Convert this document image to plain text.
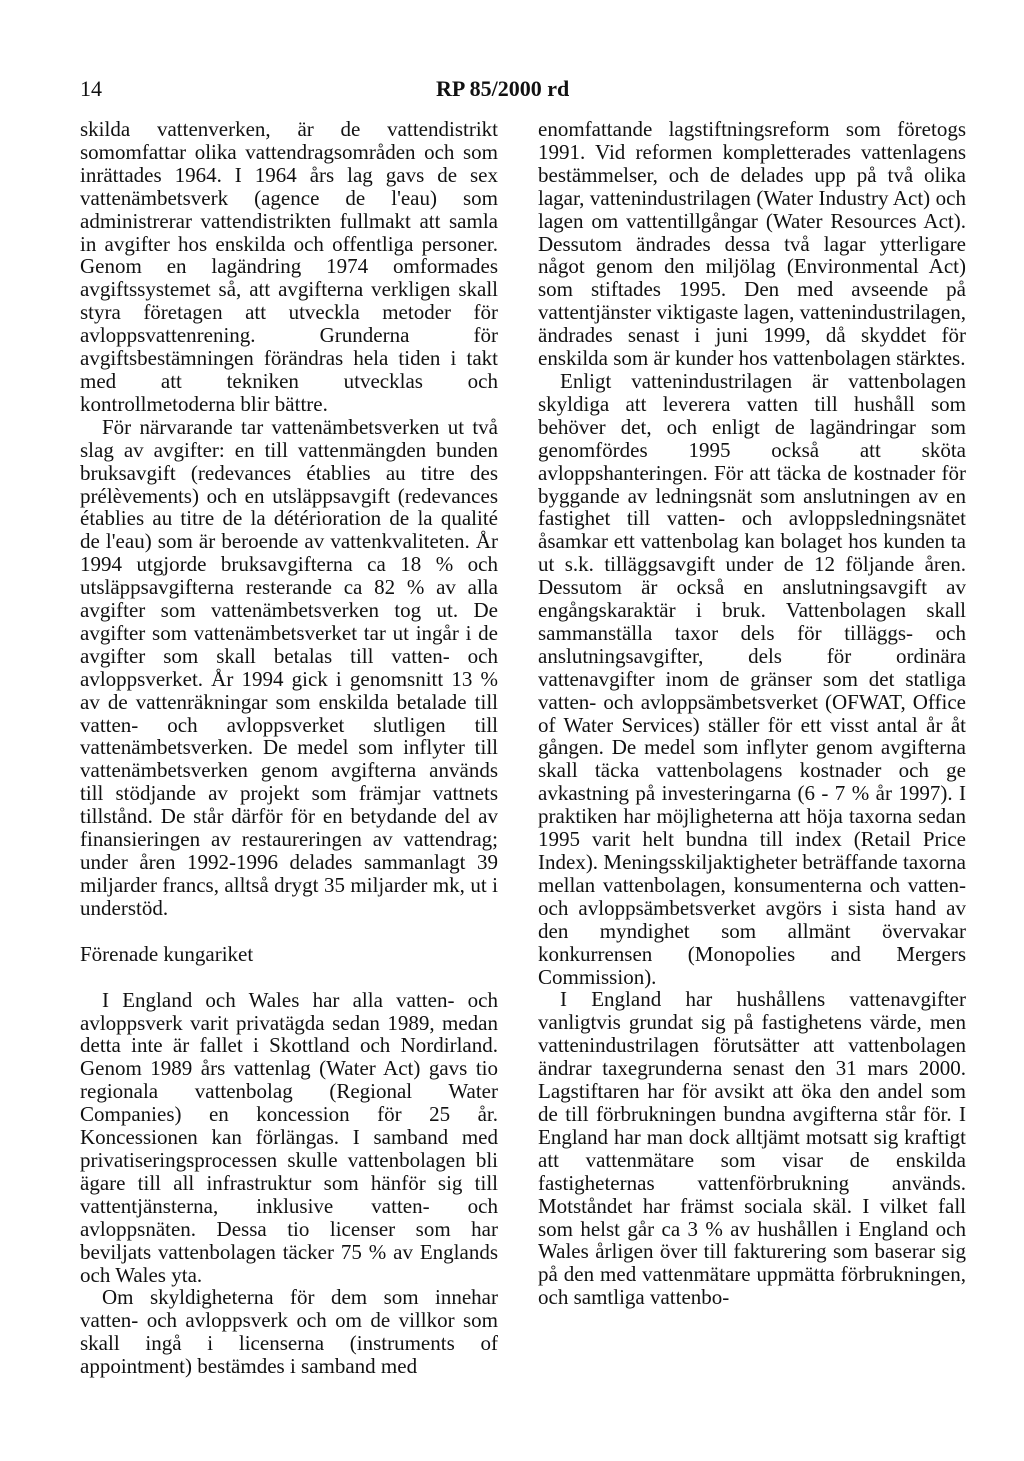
14	RP 85/2000 rd

skilda vattenverken, är de vattendistrikt somomfattar olika vattendragsområden och som inrättades 1964. I 1964 års lag gavs de sex vattenämbetsverk (agence de l'eau) som administrerar vattendistrikten fullmakt att samla in avgifter hos enskilda och offentliga personer. Genom en lagändring 1974 omformades avgiftssystemet så, att avgifterna verkligen skall styra företagen att utveckla metoder för avloppsvattenrening. Grunderna för avgiftsbestämningen förändras hela tiden i takt med att tekniken utvecklas och kontrollmetoderna blir bättre.

För närvarande tar vattenämbetsverken ut två slag av avgifter: en till vattenmängden bunden bruksavgift (redevances établies au titre des prélèvements) och en utsläppsavgift (redevances établies au titre de la détérioration de la qualité de l'eau) som är beroende av vattenkvaliteten. År 1994 utgjorde bruksavgifterna ca 18 % och utsläppsavgifterna resterande ca 82 % av alla avgifter som vattenämbetsverken tog ut. De avgifter som vattenämbetsverket tar ut ingår i de avgifter som skall betalas till vatten- och avloppsverket. År 1994 gick i genomsnitt 13 % av de vattenräkningar som enskilda betalade till vatten- och avloppsverket slutligen till vattenämbetsverken. De medel som inflyter till vattenämbetsverken genom avgifterna används till stödjande av projekt som främjar vattnets tillstånd. De står därför för en betydande del av finansieringen av restaureringen av vattendrag; under åren 1992-1996 delades sammanlagt 39 miljarder francs, alltså drygt 35 miljarder mk, ut i understöd.

Förenade kungariket

I England och Wales har alla vatten- och avloppsverk varit privatägda sedan 1989, medan detta inte är fallet i Skottland och Nordirland. Genom 1989 års vattenlag (Water Act) gavs tio regionala vattenbolag (Regional Water Companies) en koncession för 25 år. Koncessionen kan förlängas. I samband med privatiseringsprocessen skulle vattenbolagen bli ägare till all infrastruktur som hänför sig till vattentjänsterna, inklusive vatten- och avloppsnäten. Dessa tio licenser som har beviljats vattenbolagen täcker 75 % av Englands och Wales yta.

Om skyldigheterna för dem som innehar vatten- och avloppsverk och om de villkor som skall ingå i licenserna (instruments of appointment) bestämdes i samband med

enomfattande lagstiftningsreform som företogs 1991. Vid reformen kompletterades vattenlagens bestämmelser, och de delades upp på två olika lagar, vattenindustrilagen (Water Industry Act) och lagen om vattentillgångar (Water Resources Act). Dessutom ändrades dessa två lagar ytterligare något genom den miljölag (Environmental Act) som stiftades 1995. Den med avseende på vattentjänster viktigaste lagen, vattenindustrilagen, ändrades senast i juni 1999, då skyddet för enskilda som är kunder hos vattenbolagen stärktes.

Enligt vattenindustrilagen är vattenbolagen skyldiga att leverera vatten till hushåll som behöver det, och enligt de lagändringar som genomfördes 1995 också att sköta avloppshanteringen. För att täcka de kostnader för byggande av ledningsnät som anslutningen av en fastighet till vatten- och avloppsledningsnätet åsamkar ett vattenbolag kan bolaget hos kunden ta ut s.k. tilläggsavgift under de 12 följande åren. Dessutom är också en anslutningsavgift av engångskaraktär i bruk. Vattenbolagen skall sammanställa taxor dels för tilläggs- och anslutningsavgifter, dels för ordinära vattenavgifter inom de gränser som det statliga vatten- och avloppsämbetsverket (OFWAT, Office of Water Services) ställer för ett visst antal år åt gången. De medel som inflyter genom avgifterna skall täcka vattenbolagens kostnader och ge avkastning på investeringarna (6 - 7 % år 1997). I praktiken har möjligheterna att höja taxorna sedan 1995 varit helt bundna till index (Retail Price Index). Meningsskiljaktigheter beträffande taxorna mellan vattenbolagen, konsumenterna och vatten- och avloppsämbetsverket avgörs i sista hand av den myndighet som allmänt övervakar konkurrensen (Monopolies and Mergers Commission).

I England har hushållens vattenavgifter vanligtvis grundat sig på fastighetens värde, men vattenindustrilagen förutsätter att vattenbolagen ändrar taxegrunderna senast den 31 mars 2000. Lagstiftaren har för avsikt att öka den andel som de till förbrukningen bundna avgifterna står för. I England har man dock alltjämt motsatt sig kraftigt att vattenmätare som visar de enskilda fastigheternas vattenförbrukning används. Motståndet har främst sociala skäl. I vilket fall som helst går ca 3 % av hushållen i England och Wales årligen över till fakturering som baserar sig på den med vattenmätare uppmätta förbrukningen, och samtliga vattenbo-
